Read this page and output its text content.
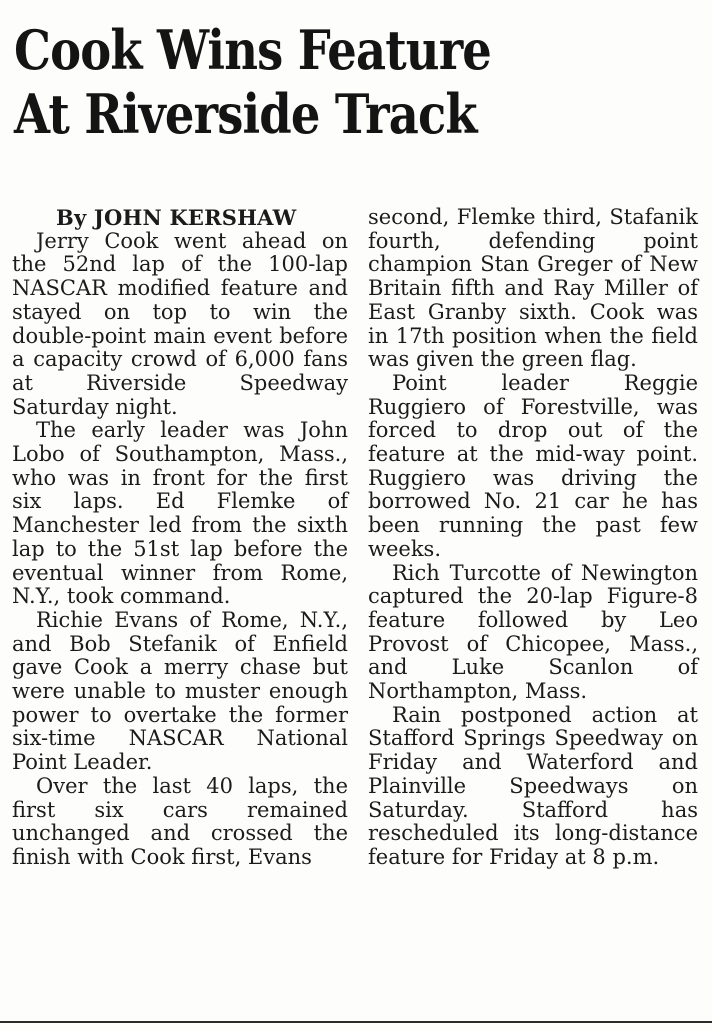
Cook Wins Feature
At Riverside Track

By JOHN KERSHAW

Jerry Cook went ahead on the 52nd lap of the 100-lap NASCAR modified feature and stayed on top to win the double-point main event before a capacity crowd of 6,000 fans at Riverside Speedway Saturday night.

The early leader was John Lobo of Southampton, Mass., who was in front for the first six laps. Ed Flemke of Manchester led from the sixth lap to the 51st lap before the eventual winner from Rome, N.Y., took command.

Richie Evans of Rome, N.Y., and Bob Stefanik of Enfield gave Cook a merry chase but were unable to muster enough power to overtake the former six-time NASCAR National Point Leader.

Over the last 40 laps, the first six cars remained unchanged and crossed the finish with Cook first, Evans

second, Flemke third, Stafanik fourth, defending point champion Stan Greger of New Britain fifth and Ray Miller of East Granby sixth. Cook was in 17th position when the field was given the green flag.

Point leader Reggie Ruggiero of Forestville, was forced to drop out of the feature at the mid-way point. Ruggiero was driving the borrowed No. 21 car he has been running the past few weeks.

Rich Turcotte of Newington captured the 20-lap Figure-8 feature followed by Leo Provost of Chicopee, Mass., and Luke Scanlon of Northampton, Mass.

Rain postponed action at Stafford Springs Speedway on Friday and Waterford and Plainville Speedways on Saturday. Stafford has rescheduled its long-distance feature for Friday at 8 p.m.
